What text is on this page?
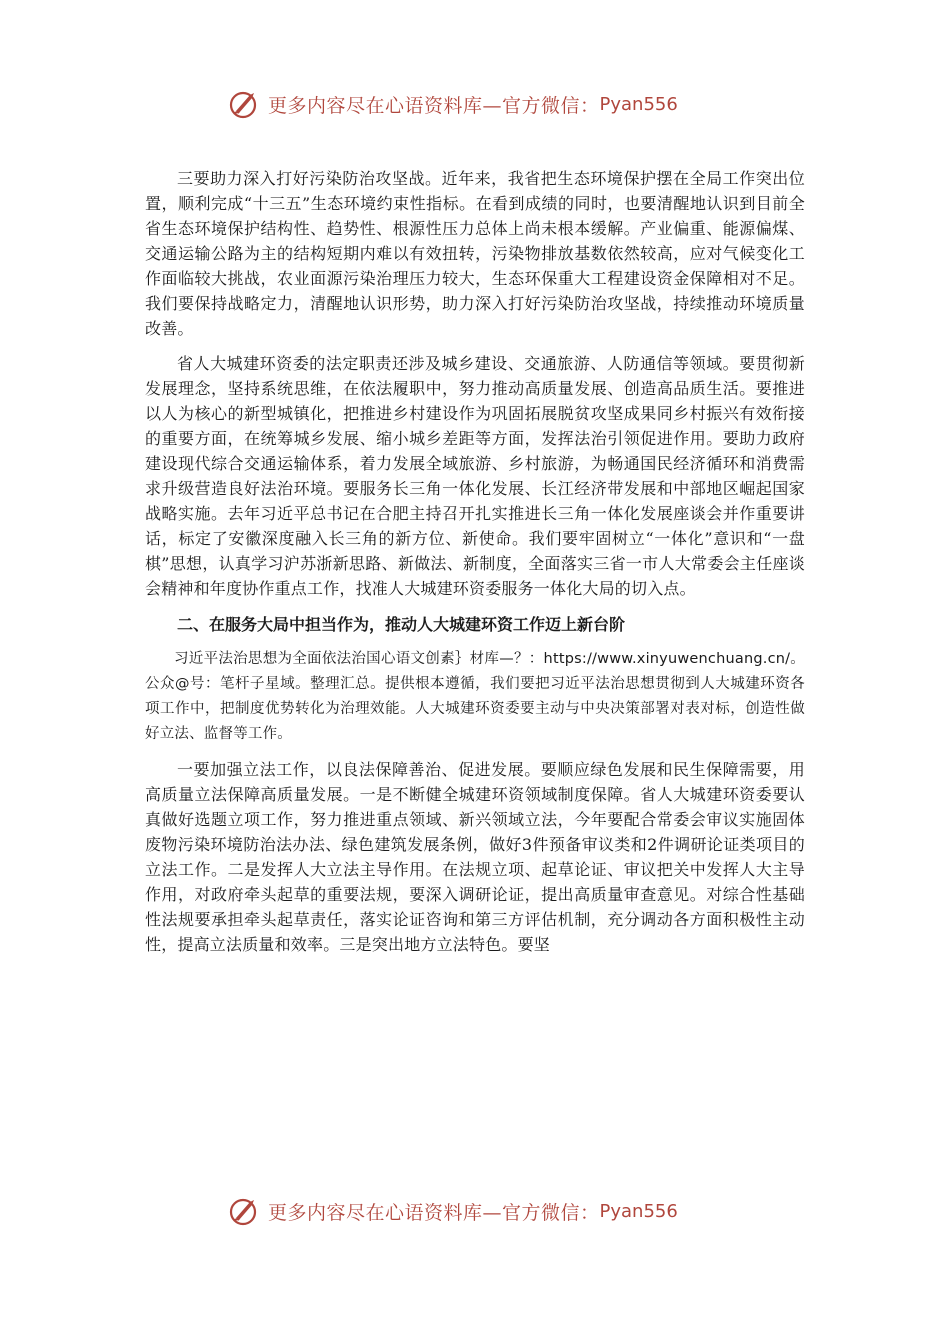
更多内容尽在心语资料库—官方微信： Pyan556

三要助力深入打好污染防治攻坚战。近年来，我省把生态环境保护摆在全局工作突出位置，顺利完成“十三五”生态环境约束性指标。在看到成绩的同时，也要清醒地认识到目前全省生态环境保护结构性、趋势性、根源性压力总体上尚未根本缓解。产业偏重、能源偏煤、交通运输公路为主的结构短期内难以有效扭转，污染物排放基数依然较高，应对气候变化工作面临较大挑战，农业面源污染治理压力较大，生态环保重大工程建设资金保障相对不足。我们要保持战略定力，清醒地认识形势，助力深入打好污染防治攻坚战，持续推动环境质量改善。

省人大城建环资委的法定职责还涉及城乡建设、交通旅游、人防通信等领域。要贯彻新发展理念，坚持系统思维，在依法履职中，努力推动高质量发展、创造高品质生活。要推进以人为核心的新型城镇化，把推进乡村建设作为巩固拓展脱贫攻坚成果同乡村振兴有效衔接的重要方面，在统筹城乡发展、缩小城乡差距等方面，发挥法治引领促进作用。要助力政府建设现代综合交通运输体系，着力发展全域旅游、乡村旅游，为畅通国民经济循环和消费需求升级营造良好法治环境。要服务长三角一体化发展、长江经济带发展和中部地区崛起国家战略实施。去年习近平总书记在合肥主持召开扎实推进长三角一体化发展座谈会并作重要讲话，标定了安徽深度融入长三角的新方位、新使命。我们要牢固树立“一体化”意识和“一盘棋”思想，认真学习沪苏浙新思路、新做法、新制度，全面落实三省一市人大常委会主任座谈会精神和年度协作重点工作，找准人大城建环资委服务一体化大局的切入点。

二、在服务大局中担当作为，推动人大城建环资工作迈上新台阶

习近平法治思想为全面依法治国心语文创素｝材库—？：https://www.xinyuwenchuang.cn/。公众@号：笔杆子星域。整理汇总。提供根本遵循，我们要把习近平法治思想贯彻到人大城建环资各项工作中，把制度优势转化为治理效能。人大城建环资委要主动与中央决策部署对表对标，创造性做好立法、监督等工作。

一要加强立法工作，以良法保障善治、促进发展。要顺应绿色发展和民生保障需要，用高质量立法保障高质量发展。一是不断健全城建环资领域制度保障。省人大城建环资委要认真做好选题立项工作，努力推进重点领域、新兴领域立法，今年要配合常委会审议实施固体废物污染环境防治法办法、绿色建筑发展条例，做好3件预备审议类和2件调研论证类项目的立法工作。二是发挥人大立法主导作用。在法规立项、起草论证、审议把关中发挥人大主导作用，对政府牵头起草的重要法规，要深入调研论证，提出高质量审查意见。对综合性基础性法规要承担牵头起草责任，落实论证咨询和第三方评估机制，充分调动各方面积极性主动性，提高立法质量和效率。三是突出地方立法特色。要坚

更多内容尽在心语资料库—官方微信： Pyan556
